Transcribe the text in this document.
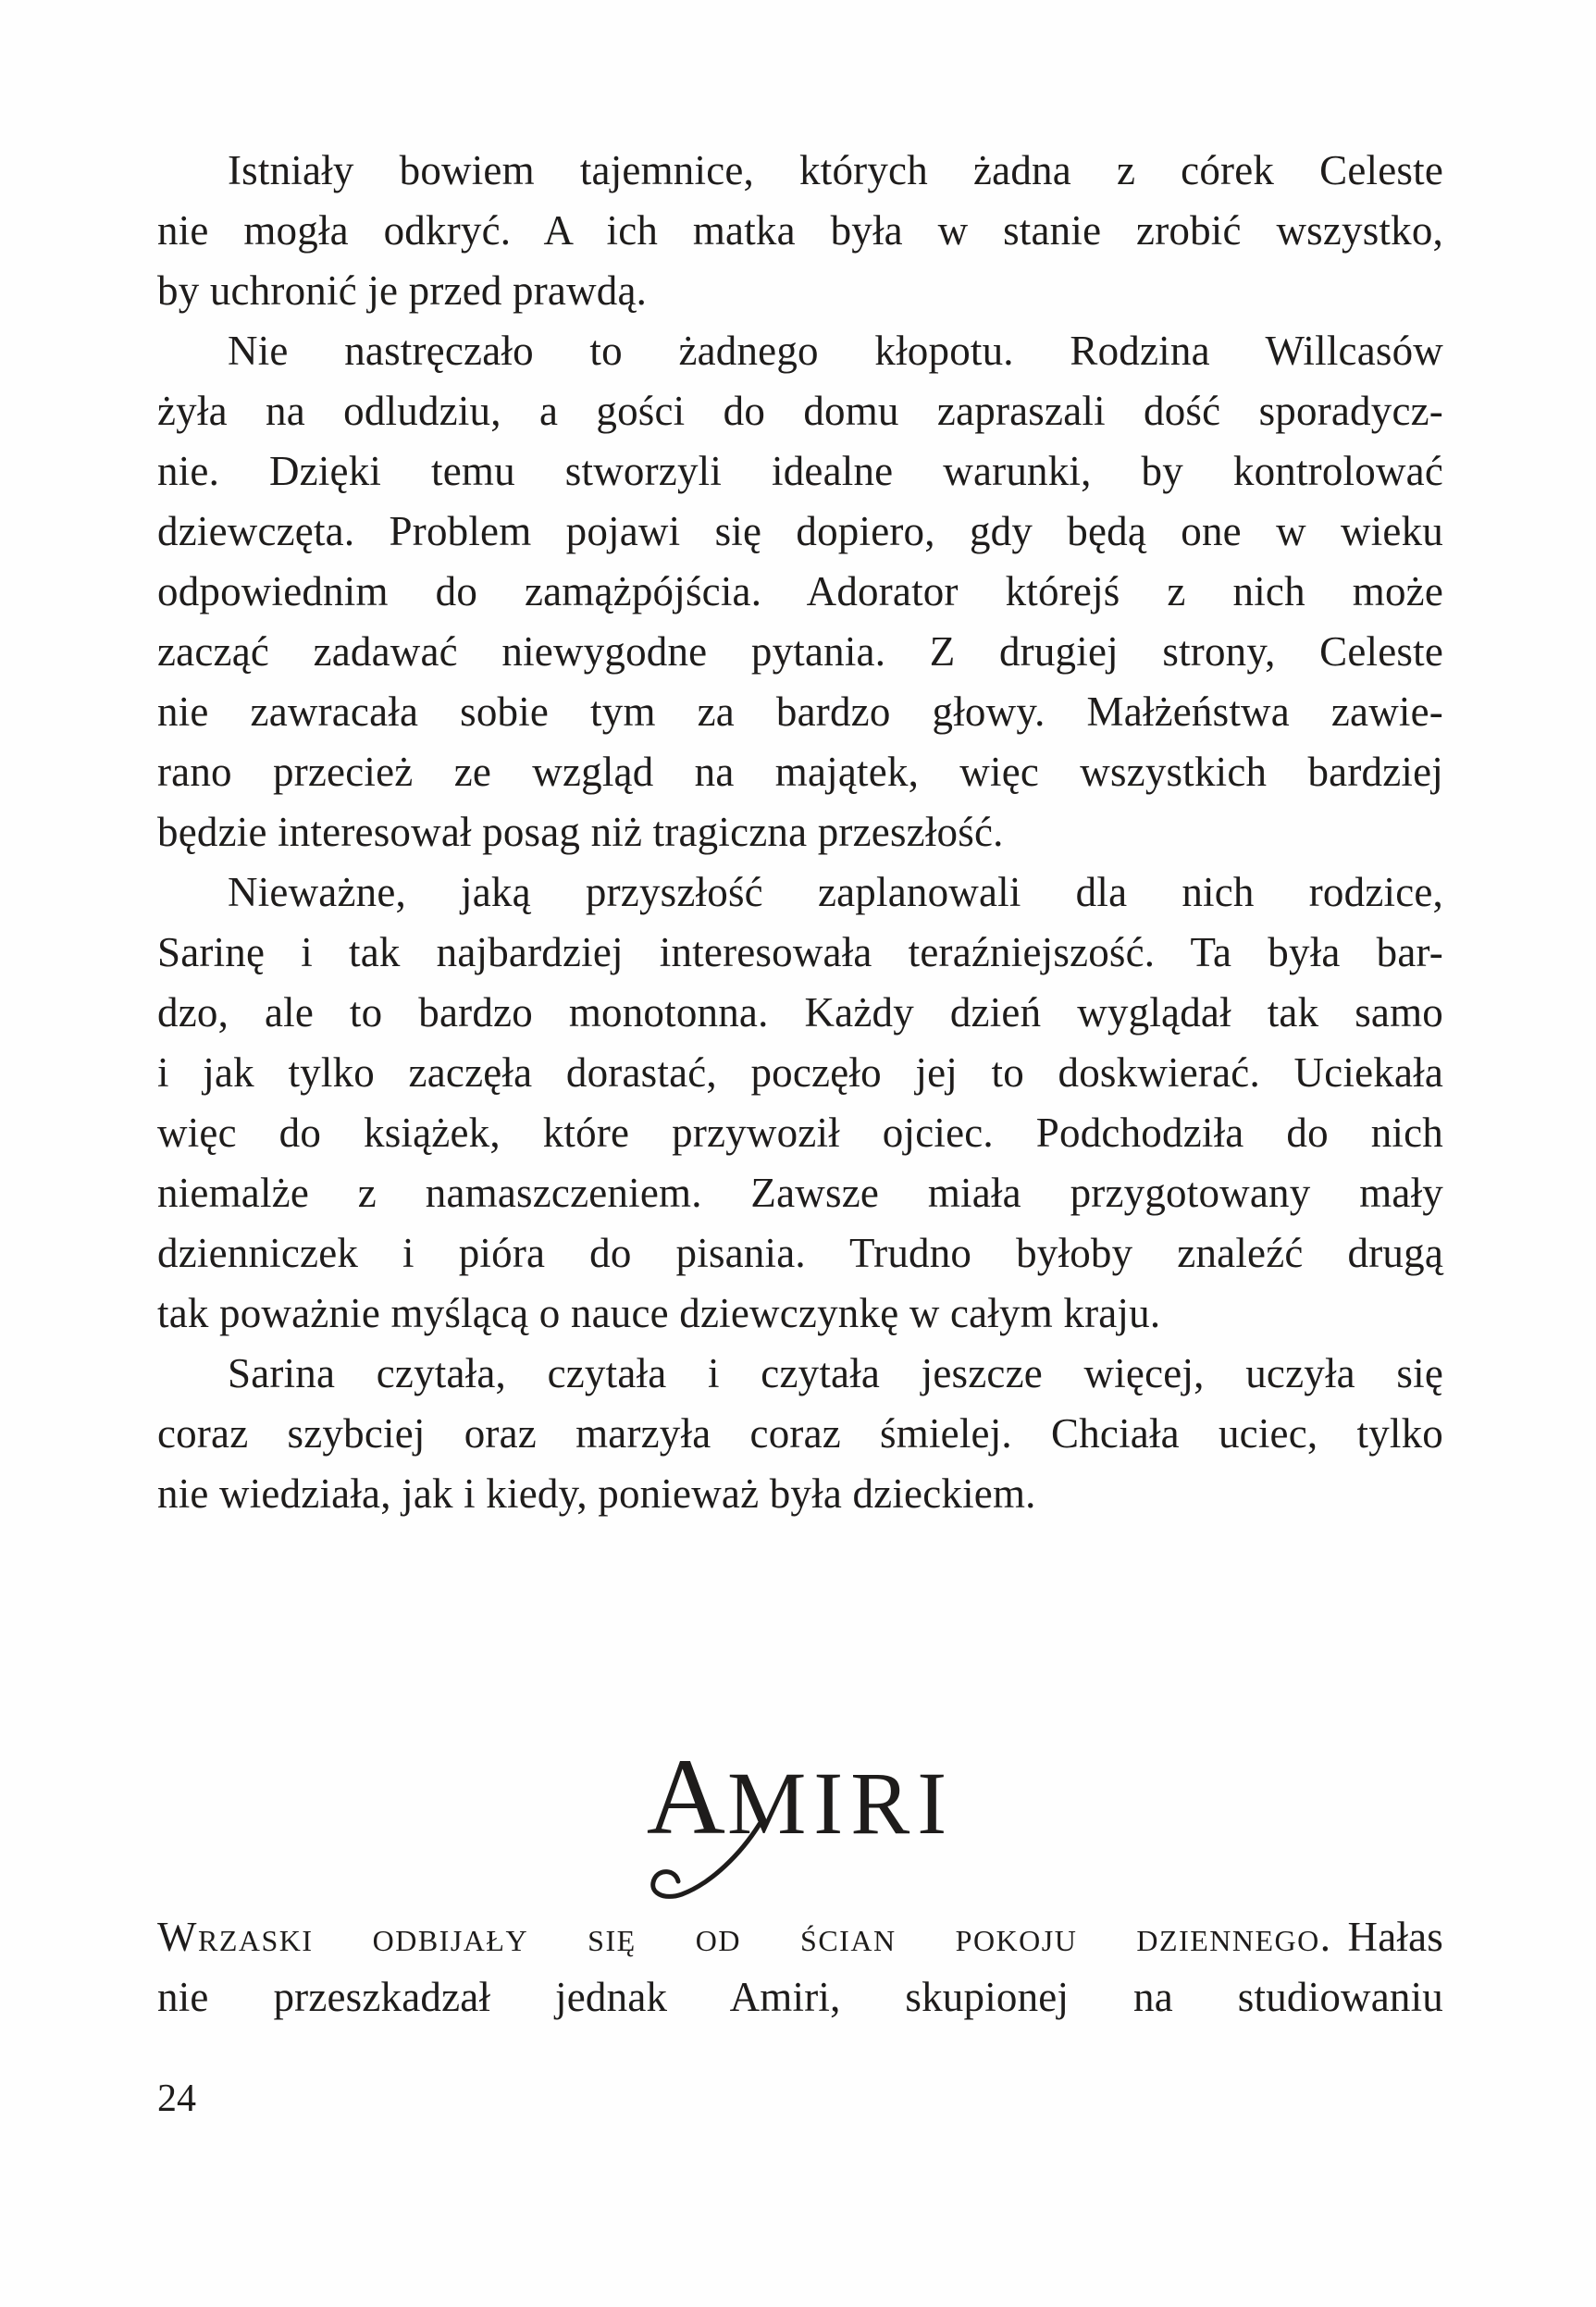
Istniały bowiem tajemnice, których żadna z córek Celeste
nie mogła odkryć. A ich matka była w stanie zrobić wszystko,
by uchronić je przed prawdą.
Nie nastręczało to żadnego kłopotu. Rodzina Willcasów
żyła na odludziu, a gości do domu zapraszali dość sporadycz-
nie. Dzięki temu stworzyli idealne warunki, by kontrolować
dziewczęta. Problem pojawi się dopiero, gdy będą one w wieku
odpowiednim do zamążpójścia. Adorator którejś z nich może
zacząć zadawać niewygodne pytania. Z drugiej strony, Celeste
nie zawracała sobie tym za bardzo głowy. Małżeństwa zawie-
rano przecież ze wzgląd na majątek, więc wszystkich bardziej
będzie interesował posag niż tragiczna przeszłość.
Nieważne, jaką przyszłość zaplanowali dla nich rodzice,
Sarinę i tak najbardziej interesowała teraźniejszość. Ta była bar-
dzo, ale to bardzo monotonna. Każdy dzień wyglądał tak samo
i jak tylko zaczęła dorastać, poczęło jej to doskwierać. Uciekała
więc do książek, które przywoził ojciec. Podchodziła do nich
niemalże z namaszczeniem. Zawsze miała przygotowany mały
dzienniczek i pióra do pisania. Trudno byłoby znaleźć drugą
tak poważnie myślącą o nauce dziewczynkę w całym kraju.
Sarina czytała, czytała i czytała jeszcze więcej, uczyła się
coraz szybciej oraz marzyła coraz śmielej. Chciała uciec, tylko
nie wiedziała, jak i kiedy, ponieważ była dzieckiem.
AMIRI
Wrzaski odbijały się od ścian pokoju dziennego. Hałas
nie przeszkadzał jednak Amiri, skupionej na studiowaniu
24
